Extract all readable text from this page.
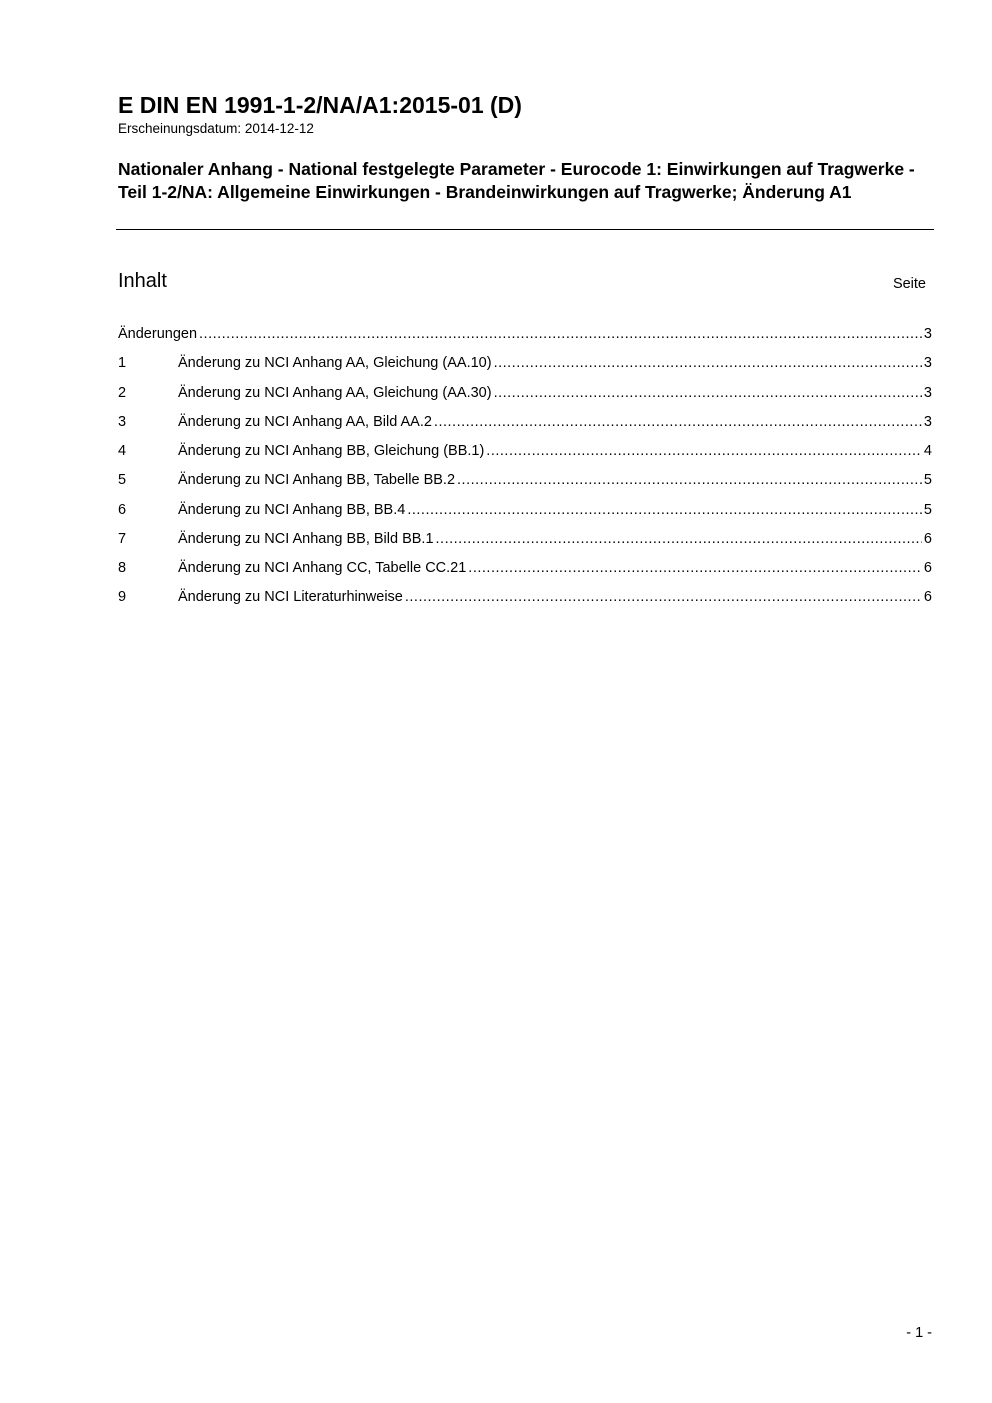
E DIN EN 1991-1-2/NA/A1:2015-01 (D)

Erscheinungsdatum: 2014-12-12

Nationaler Anhang - National festgelegte Parameter - Eurocode 1: Einwirkungen auf Tragwerke - Teil 1-2/NA: Allgemeine Einwirkungen - Brandeinwirkungen auf Tragwerke; Änderung A1
Inhalt	Seite
Änderungen .....	3
1	Änderung zu NCI Anhang AA, Gleichung (AA.10) .....	3
2	Änderung zu NCI Anhang AA, Gleichung (AA.30) .....	3
3	Änderung zu NCI Anhang AA, Bild AA.2 .....	3
4	Änderung zu NCI Anhang BB, Gleichung (BB.1) .....	4
5	Änderung zu NCI Anhang BB, Tabelle BB.2 .....	5
6	Änderung zu NCI Anhang BB, BB.4 .....	5
7	Änderung zu NCI Anhang BB, Bild BB.1 .....	6
8	Änderung zu NCI Anhang CC, Tabelle CC.21 .....	6
9	Änderung zu NCI Literaturhinweise .....	6
- 1 -
